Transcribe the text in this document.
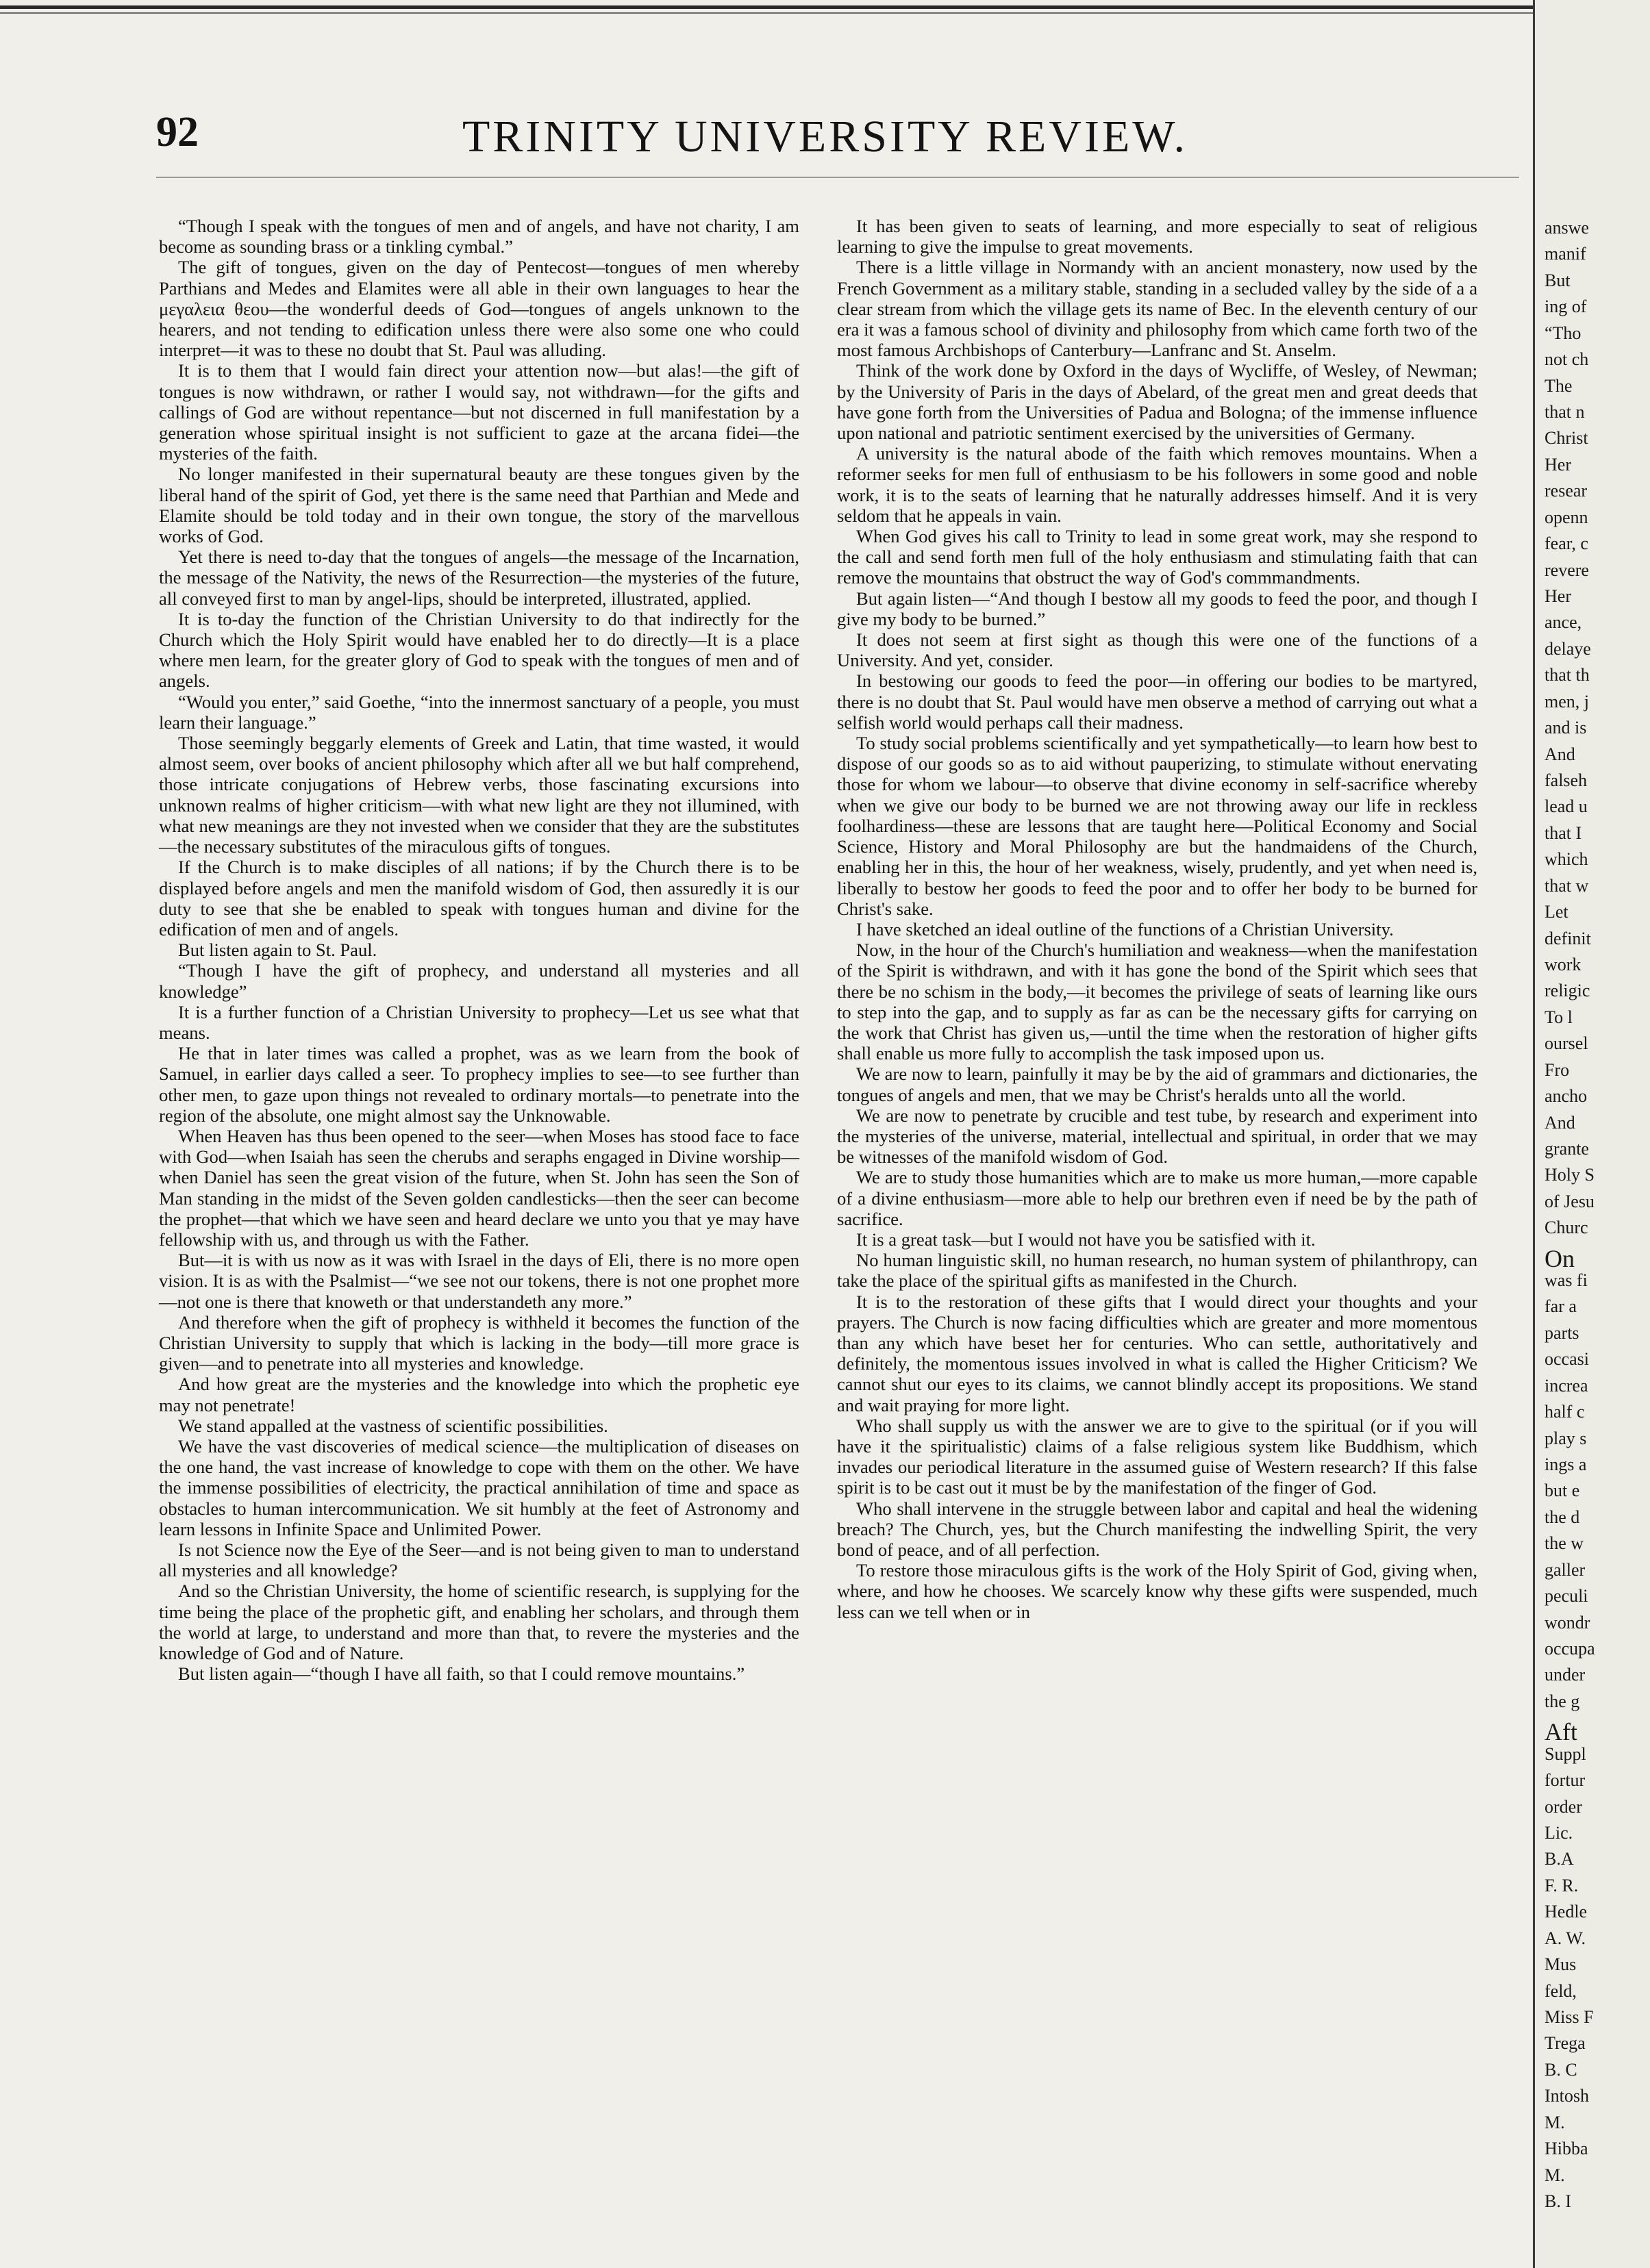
92	TRINITY UNIVERSITY REVIEW.

“Though I speak with the tongues of men and of angels, and have not charity, I am become as sounding brass or a tinkling cymbal.”

The gift of tongues, given on the day of Pentecost—tongues of men whereby Parthians and Medes and Elamites were all able in their own languages to hear the μεγαλεια θεου—the wonderful deeds of God—tongues of angels unknown to the hearers, and not tending to edification unless there were also some one who could interpret—it was to these no doubt that St. Paul was alluding.

It is to them that I would fain direct your attention now—but alas!—the gift of tongues is now withdrawn, or rather I would say, not withdrawn—for the gifts and callings of God are without repentance—but not discerned in full manifestation by a generation whose spiritual insight is not sufficient to gaze at the arcana fidei—the mysteries of the faith.

No longer manifested in their supernatural beauty are these tongues given by the liberal hand of the spirit of God, yet there is the same need that Parthian and Mede and Elamite should be told today and in their own tongue, the story of the marvellous works of God.

Yet there is need to-day that the tongues of angels—the message of the Incarnation, the message of the Nativity, the news of the Resurrection—the mysteries of the future, all conveyed first to man by angel-lips, should be interpreted, illustrated, applied.

It is to-day the function of the Christian University to do that indirectly for the Church which the Holy Spirit would have enabled her to do directly—It is a place where men learn, for the greater glory of God to speak with the tongues of men and of angels.

“Would you enter,” said Goethe, “into the innermost sanctuary of a people, you must learn their language.”

Those seemingly beggarly elements of Greek and Latin, that time wasted, it would almost seem, over books of ancient philosophy which after all we but half comprehend, those intricate conjugations of Hebrew verbs, those fascinating excursions into unknown realms of higher criticism—with what new light are they not illumined, with what new meanings are they not invested when we consider that they are the substitutes—the necessary substitutes of the miraculous gifts of tongues.

If the Church is to make disciples of all nations; if by the Church there is to be displayed before angels and men the manifold wisdom of God, then assuredly it is our duty to see that she be enabled to speak with tongues human and divine for the edification of men and of angels.

But listen again to St. Paul.

“Though I have the gift of prophecy, and understand all mysteries and all knowledge”

It is a further function of a Christian University to prophecy—Let us see what that means.

He that in later times was called a prophet, was as we learn from the book of Samuel, in earlier days called a seer. To prophecy implies to see—to see further than other men, to gaze upon things not revealed to ordinary mortals—to penetrate into the region of the absolute, one might almost say the Unknowable.

When Heaven has thus been opened to the seer—when Moses has stood face to face with God—when Isaiah has seen the cherubs and seraphs engaged in Divine worship—when Daniel has seen the great vision of the future, when St. John has seen the Son of Man standing in the midst of the Seven golden candlesticks—then the seer can become the prophet—that which we have seen and heard declare we unto you that ye may have fellowship with us, and through us with the Father.

But—it is with us now as it was with Israel in the days of Eli, there is no more open vision. It is as with the Psalmist—“we see not our tokens, there is not one prophet more—not one is there that knoweth or that understandeth any more.”

And therefore when the gift of prophecy is withheld it becomes the function of the Christian University to supply that which is lacking in the body—till more grace is given—and to penetrate into all mysteries and knowledge.

And how great are the mysteries and the knowledge into which the prophetic eye may not penetrate!

We stand appalled at the vastness of scientific possibilities.

We have the vast discoveries of medical science—the multiplication of diseases on the one hand, the vast increase of knowledge to cope with them on the other. We have the immense possibilities of electricity, the practical annihilation of time and space as obstacles to human intercommunication. We sit humbly at the feet of Astronomy and learn lessons in Infinite Space and Unlimited Power.

Is not Science now the Eye of the Seer—and is not being given to man to understand all mysteries and all knowledge?

And so the Christian University, the home of scientific research, is supplying for the time being the place of the prophetic gift, and enabling her scholars, and through them the world at large, to understand and more than that, to revere the mysteries and the knowledge of God and of Nature.

But listen again—“though I have all faith, so that I could remove mountains.”

It has been given to seats of learning, and more especially to seat of religious learning to give the impulse to great movements.

There is a little village in Normandy with an ancient monastery, now used by the French Government as a military stable, standing in a secluded valley by the side of a a clear stream from which the village gets its name of Bec. In the eleventh century of our era it was a famous school of divinity and philosophy from which came forth two of the most famous Archbishops of Canterbury—Lanfranc and St. Anselm.

Think of the work done by Oxford in the days of Wycliffe, of Wesley, of Newman; by the University of Paris in the days of Abelard, of the great men and great deeds that have gone forth from the Universities of Padua and Bologna; of the immense influence upon national and patriotic sentiment exercised by the universities of Germany.

A university is the natural abode of the faith which removes mountains. When a reformer seeks for men full of enthusiasm to be his followers in some good and noble work, it is to the seats of learning that he naturally addresses himself. And it is very seldom that he appeals in vain.

When God gives his call to Trinity to lead in some great work, may she respond to the call and send forth men full of the holy enthusiasm and stimulating faith that can remove the mountains that obstruct the way of God's commmandments.

But again listen—“And though I bestow all my goods to feed the poor, and though I give my body to be burned.”

It does not seem at first sight as though this were one of the functions of a University. And yet, consider.

In bestowing our goods to feed the poor—in offering our bodies to be martyred, there is no doubt that St. Paul would have men observe a method of carrying out what a selfish world would perhaps call their madness.

To study social problems scientifically and yet sympathetically—to learn how best to dispose of our goods so as to aid without pauperizing, to stimulate without enervating those for whom we labour—to observe that divine economy in self-sacrifice whereby when we give our body to be burned we are not throwing away our life in reckless foolhardiness—these are lessons that are taught here—Political Economy and Social Science, History and Moral Philosophy are but the handmaidens of the Church, enabling her in this, the hour of her weakness, wisely, prudently, and yet when need is, liberally to bestow her goods to feed the poor and to offer her body to be burned for Christ's sake.

I have sketched an ideal outline of the functions of a Christian University.

Now, in the hour of the Church's humiliation and weakness—when the manifestation of the Spirit is withdrawn, and with it has gone the bond of the Spirit which sees that there be no schism in the body,—it becomes the privilege of seats of learning like ours to step into the gap, and to supply as far as can be the necessary gifts for carrying on the work that Christ has given us,—until the time when the restoration of higher gifts shall enable us more fully to accomplish the task imposed upon us.

We are now to learn, painfully it may be by the aid of grammars and dictionaries, the tongues of angels and men, that we may be Christ's heralds unto all the world.

We are now to penetrate by crucible and test tube, by research and experiment into the mysteries of the universe, material, intellectual and spiritual, in order that we may be witnesses of the manifold wisdom of God.

We are to study those humanities which are to make us more human,—more capable of a divine enthusiasm—more able to help our brethren even if need be by the path of sacrifice.

It is a great task—but I would not have you be satisfied with it.

No human linguistic skill, no human research, no human system of philanthropy, can take the place of the spiritual gifts as manifested in the Church.

It is to the restoration of these gifts that I would direct your thoughts and your prayers. The Church is now facing difficulties which are greater and more momentous than any which have beset her for centuries. Who can settle, authoritatively and definitely, the momentous issues involved in what is called the Higher Criticism? We cannot shut our eyes to its claims, we cannot blindly accept its propositions. We stand and wait praying for more light.

Who shall supply us with the answer we are to give to the spiritual (or if you will have it the spiritualistic) claims of a false religious system like Buddhism, which invades our periodical literature in the assumed guise of Western research? If this false spirit is to be cast out it must be by the manifestation of the finger of God.

Who shall intervene in the struggle between labor and capital and heal the widening breach? The Church, yes, but the Church manifesting the indwelling Spirit, the very bond of peace, and of all perfection.

To restore those miraculous gifts is the work of the Holy Spirit of God, giving when, where, and how he chooses. We scarcely know why these gifts were suspended, much less can we tell when or in

answe
manif
But
ing of
“Tho
not ch
The
that n
Christ
Her
resear
openn
fear, c
revere
Her
ance,
delaye
that th
men, j
and is
And
falseh
lead u
that I
which
that w
Let
definit
work
religic
To l
oursel
Fro
ancho
And
grante
Holy S
of Jesu
Churc
On
was fi
far a
parts
occasi
increa
half c
play s
ings a
but e
the d
the w
galler
peculi
wondr
occupa
under
the g
Aft
Suppl
fortur
order
Lic.
B.A
F. R.
Hedle
A. W.
Mus
feld,
Miss F
Trega
B. C
Intosh
M.
Hibba
M.
B. I
